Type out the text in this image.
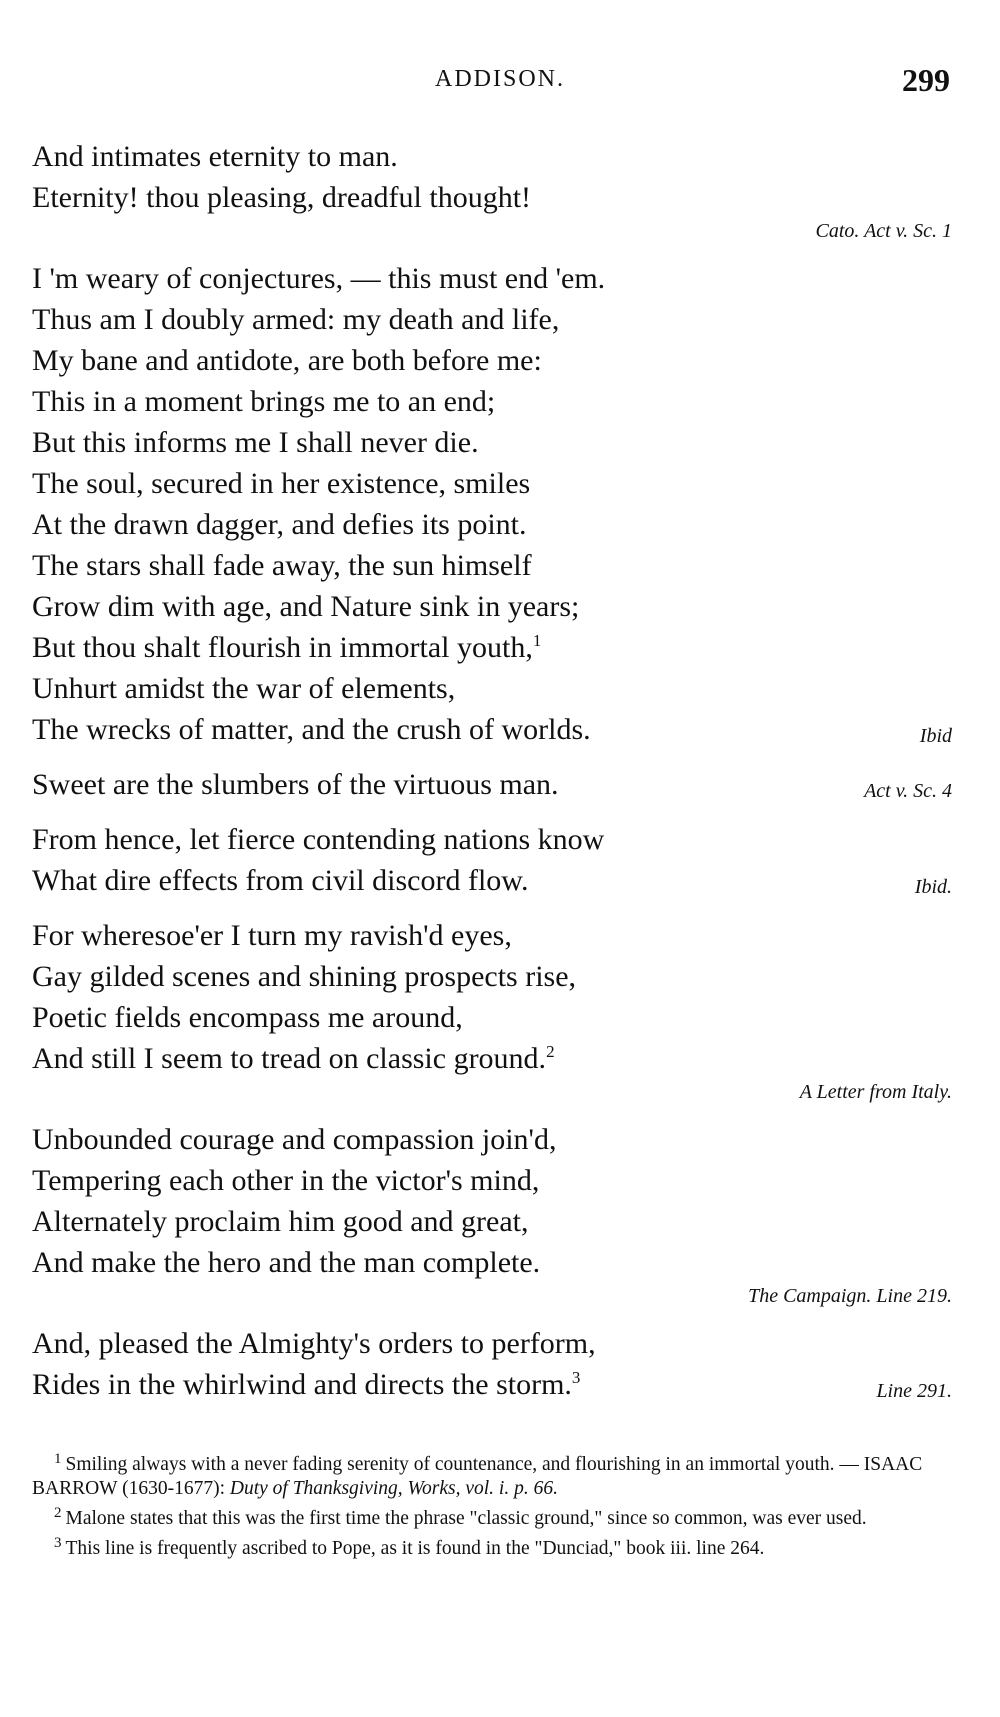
ADDISON.	299
And intimates eternity to man.
Eternity! thou pleasing, dreadful thought!
Cato. Act v. Sc. 1
I 'm weary of conjectures, — this must end 'em.
Thus am I doubly armed: my death and life,
My bane and antidote, are both before me:
This in a moment brings me to an end;
But this informs me I shall never die.
The soul, secured in her existence, smiles
At the drawn dagger, and defies its point.
The stars shall fade away, the sun himself
Grow dim with age, and Nature sink in years;
But thou shalt flourish in immortal youth,$^1$
Unhurt amidst the war of elements,
The wrecks of matter, and the crush of worlds.	Ibid
Sweet are the slumbers of the virtuous man.	Act v. Sc. 4
From hence, let fierce contending nations know
What dire effects from civil discord flow.	Ibid.
For wheresoe'er I turn my ravish'd eyes,
Gay gilded scenes and shining prospects rise,
Poetic fields encompass me around,
And still I seem to tread on classic ground.$^2$
A Letter from Italy.
Unbounded courage and compassion join'd,
Tempering each other in the victor's mind,
Alternately proclaim him good and great,
And make the hero and the man complete.
The Campaign. Line 219.
And, pleased the Almighty's orders to perform,
Rides in the whirlwind and directs the storm.$^3$
Line 291.
$^1$ Smiling always with a never fading serenity of countenance, and flourishing in an immortal youth. — ISAAC BARROW (1630-1677): Duty of Thanksgiving, Works, vol. i. p. 66.
$^2$ Malone states that this was the first time the phrase "classic ground," since so common, was ever used.
$^3$ This line is frequently ascribed to Pope, as it is found in the "Dunciad," book iii. line 264.
